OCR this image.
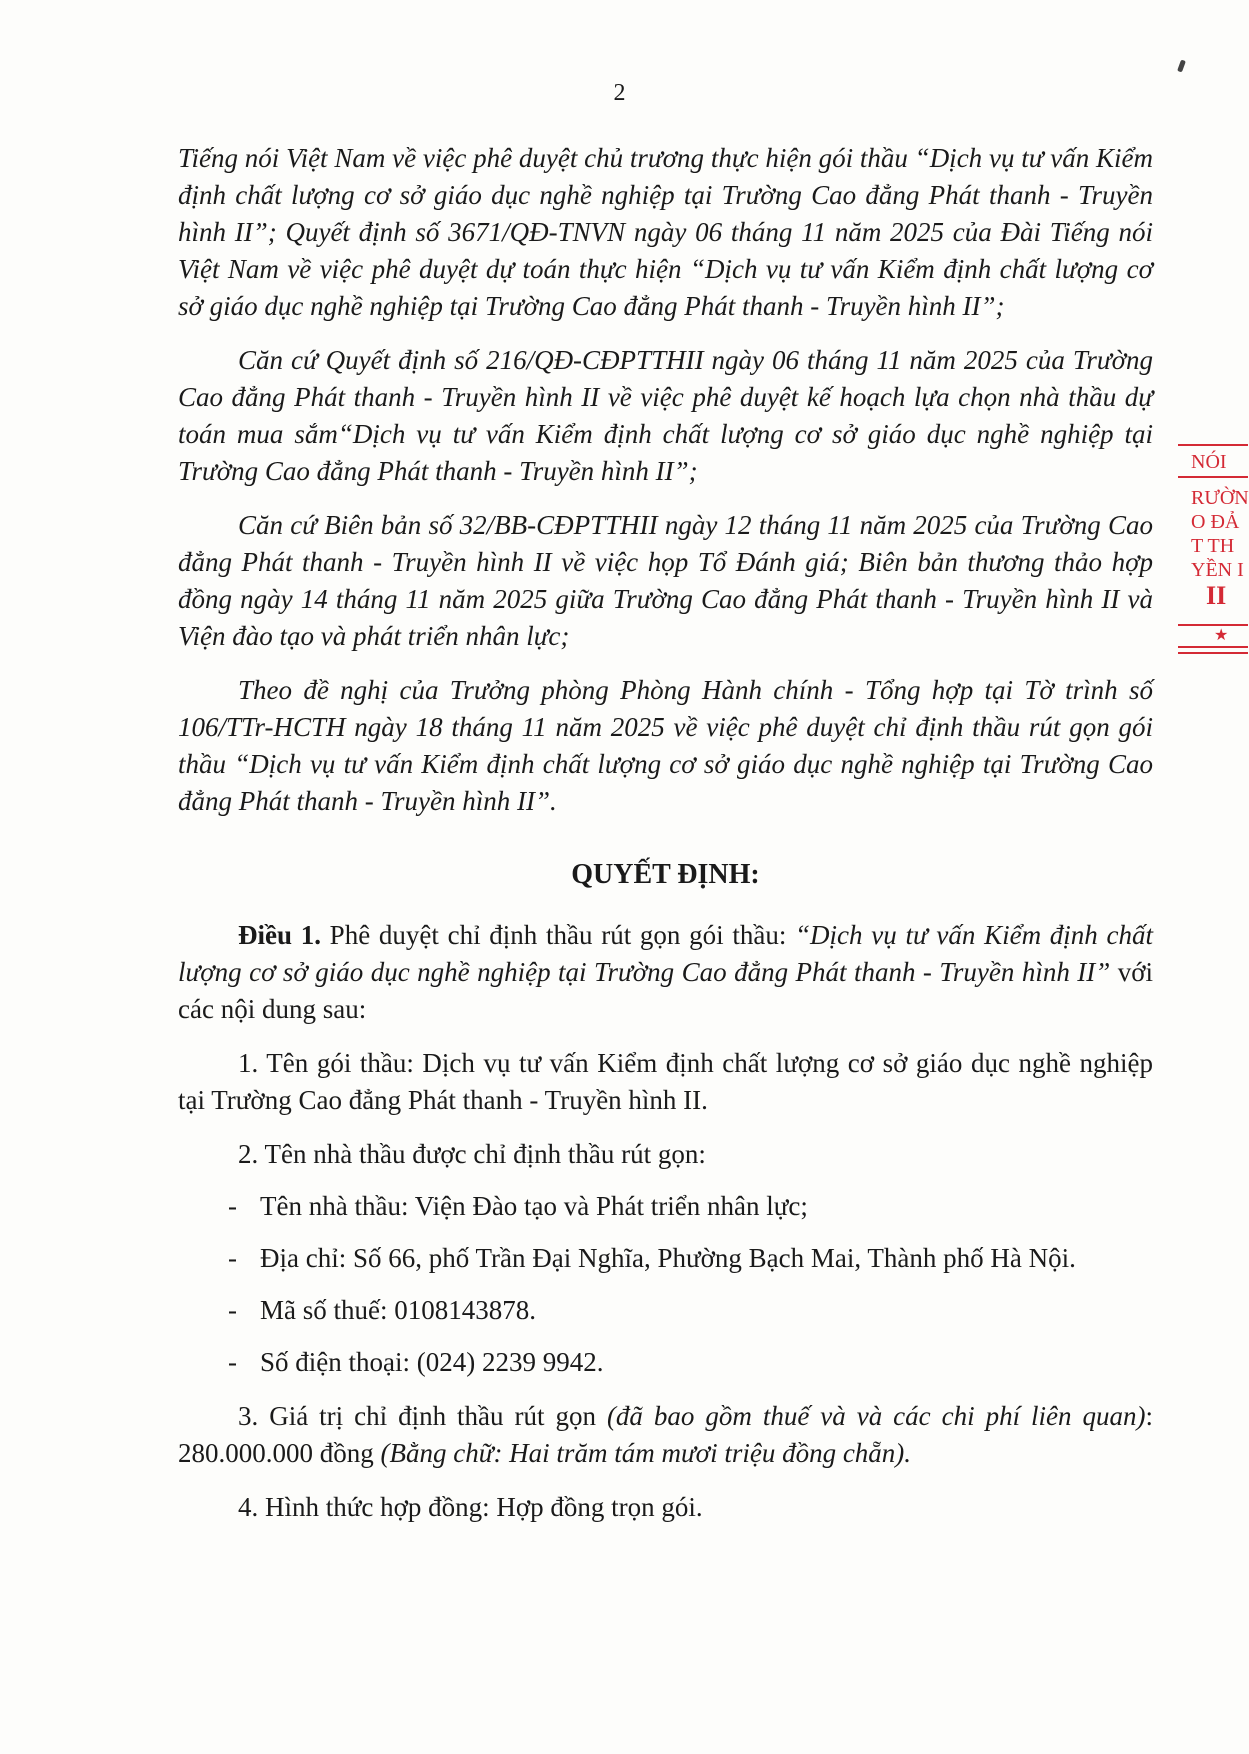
2

Tiếng nói Việt Nam về việc phê duyệt chủ trương thực hiện gói thầu “Dịch vụ tư vấn Kiểm định chất lượng cơ sở giáo dục nghề nghiệp tại Trường Cao đẳng Phát thanh - Truyền hình II”; Quyết định số 3671/QĐ-TNVN ngày 06 tháng 11 năm 2025 của Đài Tiếng nói Việt Nam về việc phê duyệt dự toán thực hiện “Dịch vụ tư vấn Kiểm định chất lượng cơ sở giáo dục nghề nghiệp tại Trường Cao đẳng Phát thanh - Truyền hình II”;

Căn cứ Quyết định số 216/QĐ-CĐPTTHII ngày 06 tháng 11 năm 2025 của Trường Cao đẳng Phát thanh - Truyền hình II về việc phê duyệt kế hoạch lựa chọn nhà thầu dự toán mua sắm“Dịch vụ tư vấn Kiểm định chất lượng cơ sở giáo dục nghề nghiệp tại Trường Cao đẳng Phát thanh - Truyền hình II”;

Căn cứ Biên bản số 32/BB-CĐPTTHII ngày 12 tháng 11 năm 2025 của Trường Cao đẳng Phát thanh - Truyền hình II về việc họp Tổ Đánh giá; Biên bản thương thảo hợp đồng ngày 14 tháng 11 năm 2025 giữa Trường Cao đẳng Phát thanh - Truyền hình II và Viện đào tạo và phát triển nhân lực;

Theo đề nghị của Trưởng phòng Phòng Hành chính - Tổng hợp tại Tờ trình số 106/TTr-HCTH ngày 18 tháng 11 năm 2025 về việc phê duyệt chỉ định thầu rút gọn gói thầu “Dịch vụ tư vấn Kiểm định chất lượng cơ sở giáo dục nghề nghiệp tại Trường Cao đẳng Phát thanh - Truyền hình II”.

QUYẾT ĐỊNH:

Điều 1. Phê duyệt chỉ định thầu rút gọn gói thầu: “Dịch vụ tư vấn Kiểm định chất lượng cơ sở giáo dục nghề nghiệp tại Trường Cao đẳng Phát thanh - Truyền hình II” với các nội dung sau:

1. Tên gói thầu: Dịch vụ tư vấn Kiểm định chất lượng cơ sở giáo dục nghề nghiệp tại Trường Cao đẳng Phát thanh - Truyền hình II.

2. Tên nhà thầu được chỉ định thầu rút gọn:

- Tên nhà thầu: Viện Đào tạo và Phát triển nhân lực;

- Địa chỉ: Số 66, phố Trần Đại Nghĩa, Phường Bạch Mai, Thành phố Hà Nội.

- Mã số thuế: 0108143878.

- Số điện thoại: (024) 2239 9942.

3. Giá trị chỉ định thầu rút gọn (đã bao gồm thuế và và các chi phí liên quan): 280.000.000 đồng (Bằng chữ: Hai trăm tám mươi triệu đồng chẵn).

4. Hình thức hợp đồng: Hợp đồng trọn gói.

NÓI
RƯỜN
O ĐẢ
T TH
YỀN I
II
★
